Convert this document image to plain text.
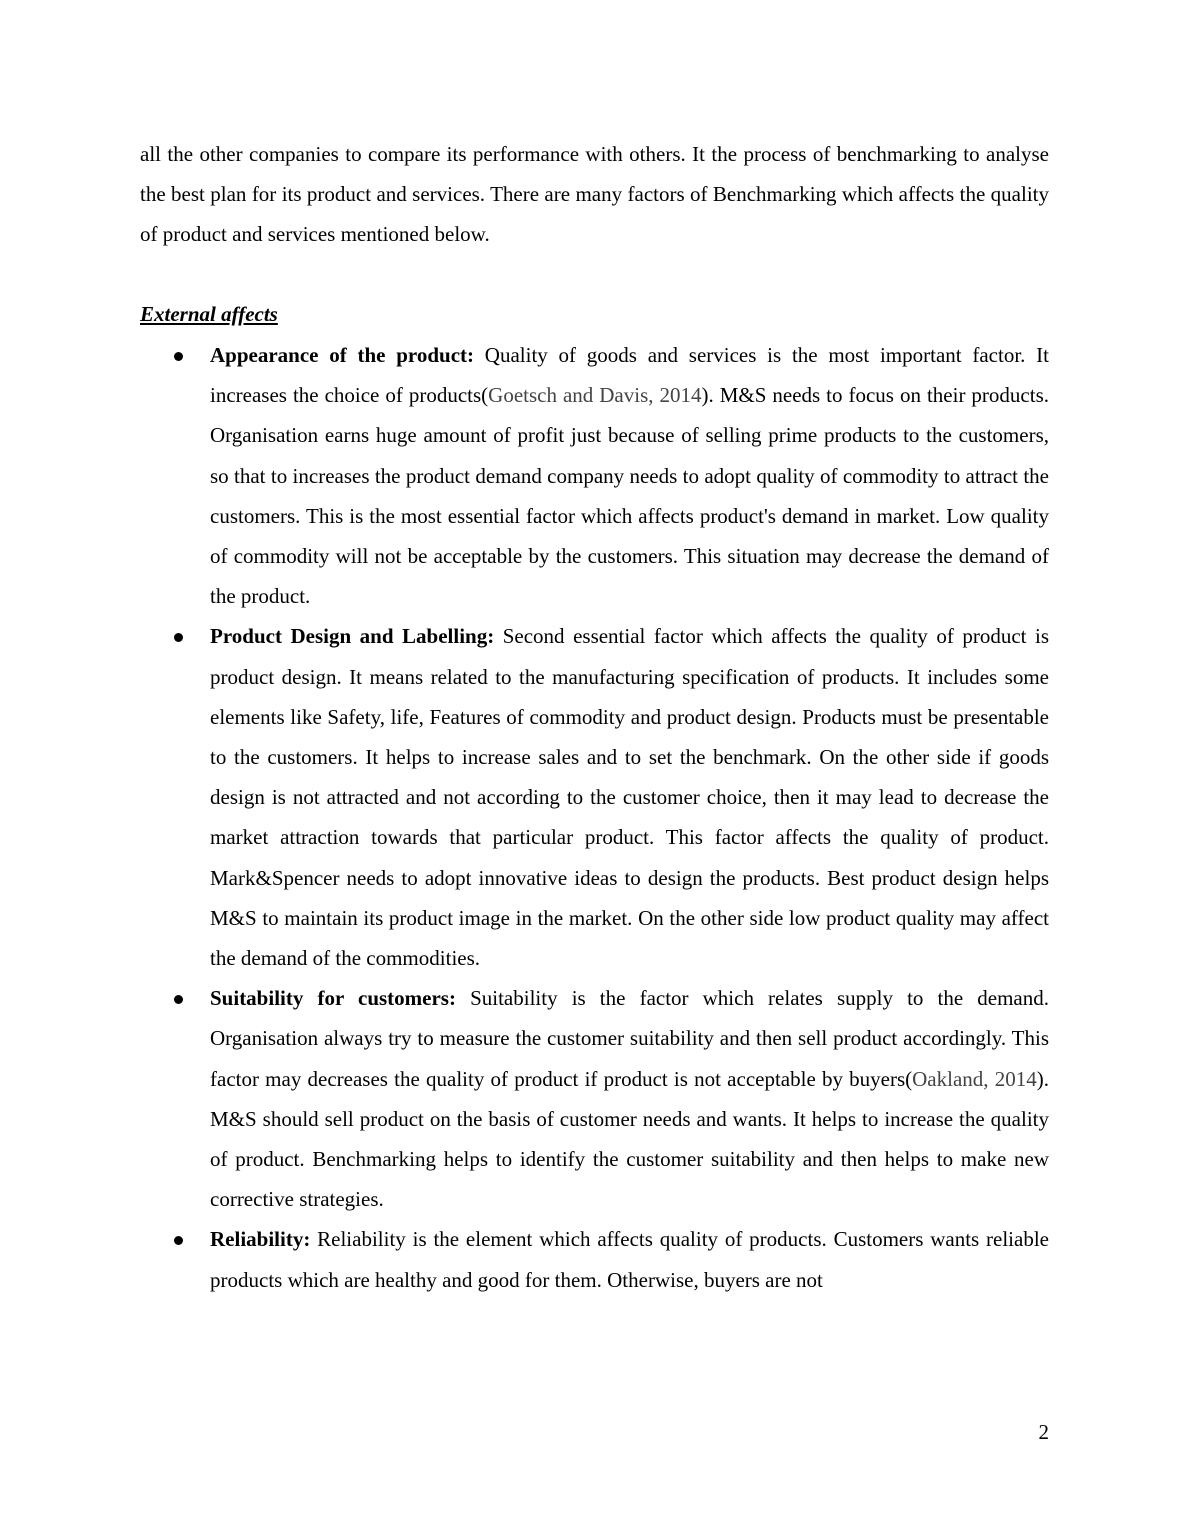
all the other companies to compare its performance with others. It the process of benchmarking to analyse the best plan for its product and services. There are many factors of Benchmarking which affects the quality of product and services mentioned below.

External affects
Appearance of the product: Quality of goods and services is the most important factor. It increases the choice of products(Goetsch and Davis, 2014). M&S needs to focus on their products. Organisation earns huge amount of profit just because of selling prime products to the customers, so that to increases the product demand company needs to adopt quality of commodity to attract the customers. This is the most essential factor which affects product's demand in market. Low quality of commodity will not be acceptable by the customers. This situation may decrease the demand of the product.
Product Design and Labelling: Second essential factor which affects the quality of product is product design. It means related to the manufacturing specification of products. It includes some elements like Safety, life, Features of commodity and product design. Products must be presentable to the customers. It helps to increase sales and to set the benchmark. On the other side if goods design is not attracted and not according to the customer choice, then it may lead to decrease the market attraction towards that particular product. This factor affects the quality of product. Mark&Spencer needs to adopt innovative ideas to design the products. Best product design helps M&S to maintain its product image in the market. On the other side low product quality may affect the demand of the commodities.
Suitability for customers: Suitability is the factor which relates supply to the demand. Organisation always try to measure the customer suitability and then sell product accordingly. This factor may decreases the quality of product if product is not acceptable by buyers(Oakland, 2014). M&S should sell product on the basis of customer needs and wants. It helps to increase the quality of product. Benchmarking helps to identify the customer suitability and then helps to make new corrective strategies.
Reliability: Reliability is the element which affects quality of products. Customers wants reliable products which are healthy and good for them. Otherwise, buyers are not
2
